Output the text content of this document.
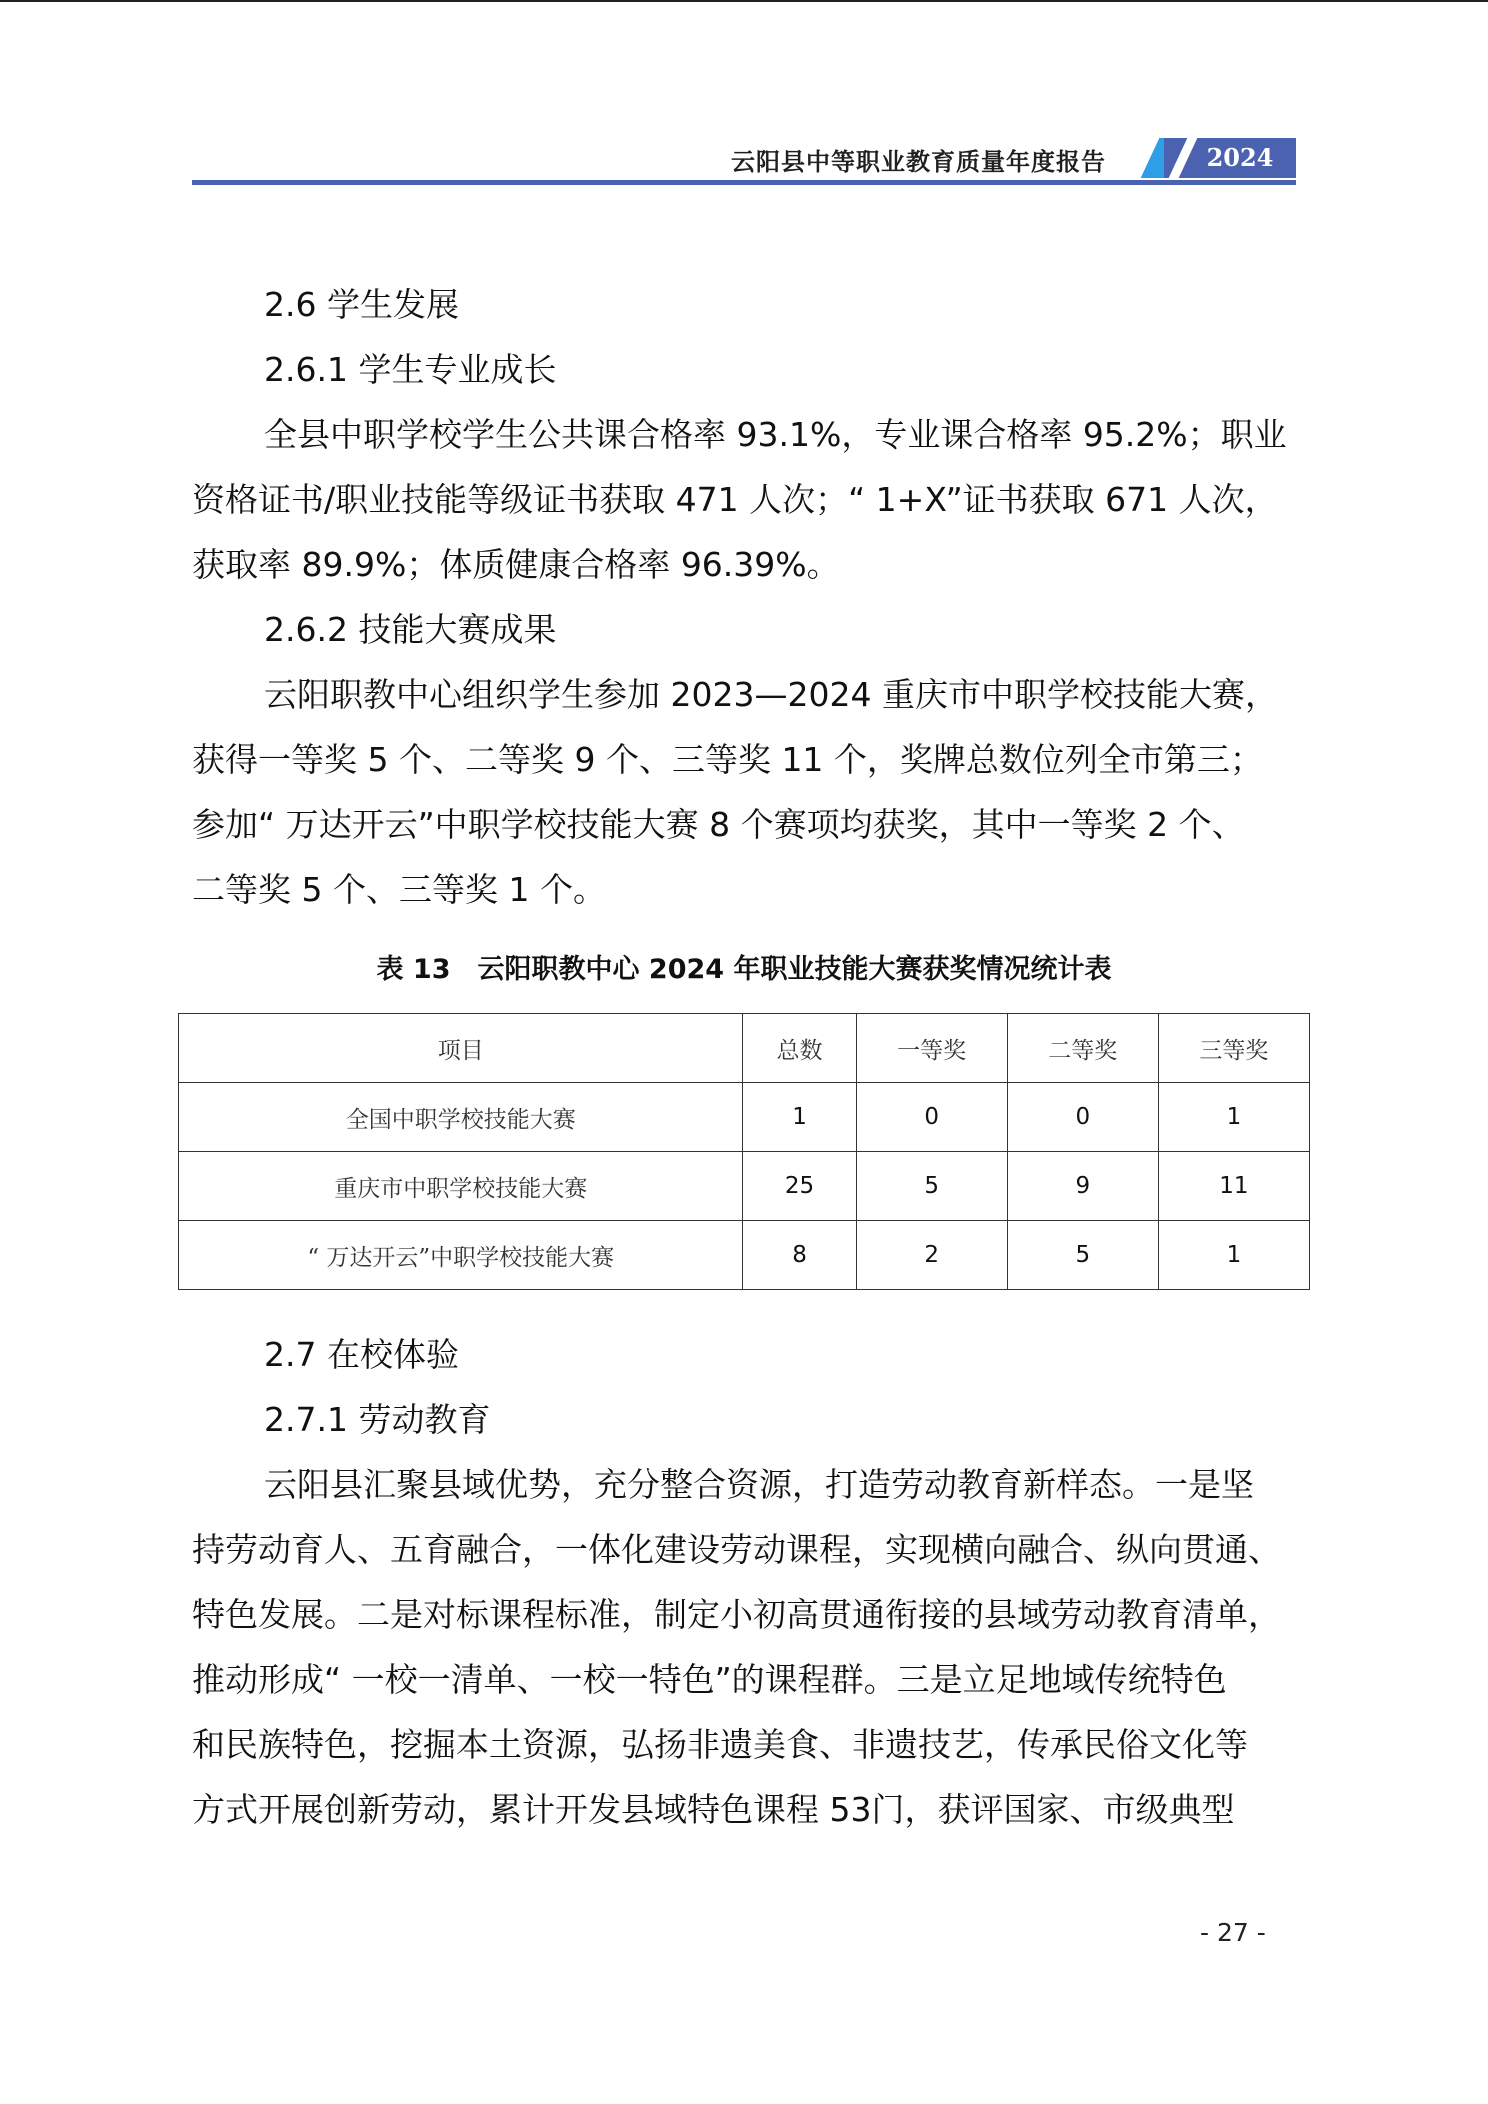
云阳县中等职业教育质量年度报告	2024

2.6 学生发展

2.6.1 学生专业成长

全县中职学校学生公共课合格率 93.1%，专业课合格率 95.2%；职业

资格证书/职业技能等级证书获取 471 人次；“ 1+X”证书获取 671 人次，

获取率 89.9%；体质健康合格率 96.39%。

2.6.2 技能大赛成果

云阳职教中心组织学生参加 2023—2024 重庆市中职学校技能大赛，

获得一等奖 5 个、二等奖 9 个、三等奖 11 个，奖牌总数位列全市第三；

参加“ 万达开云”中职学校技能大赛 8 个赛项均获奖，其中一等奖 2 个、

二等奖 5 个、三等奖 1 个。

表 13　云阳职教中心 2024 年职业技能大赛获奖情况统计表
项目	总数	一等奖	二等奖	三等奖
全国中职学校技能大赛	1	0	0	1
重庆市中职学校技能大赛	25	5	9	11
“ 万达开云”中职学校技能大赛	8	2	5	1

2.7 在校体验

2.7.1 劳动教育

云阳县汇聚县域优势，充分整合资源，打造劳动教育新样态。一是坚

持劳动育人、五育融合，一体化建设劳动课程，实现横向融合、纵向贯通、

特色发展。二是对标课程标准，制定小初高贯通衔接的县域劳动教育清单，

推动形成“ 一校一清单、一校一特色”的课程群。三是立足地域传统特色

和民族特色，挖掘本土资源，弘扬非遗美食、非遗技艺，传承民俗文化等

方式开展创新劳动，累计开发县域特色课程 53门，获评国家、市级典型

- 27 -
